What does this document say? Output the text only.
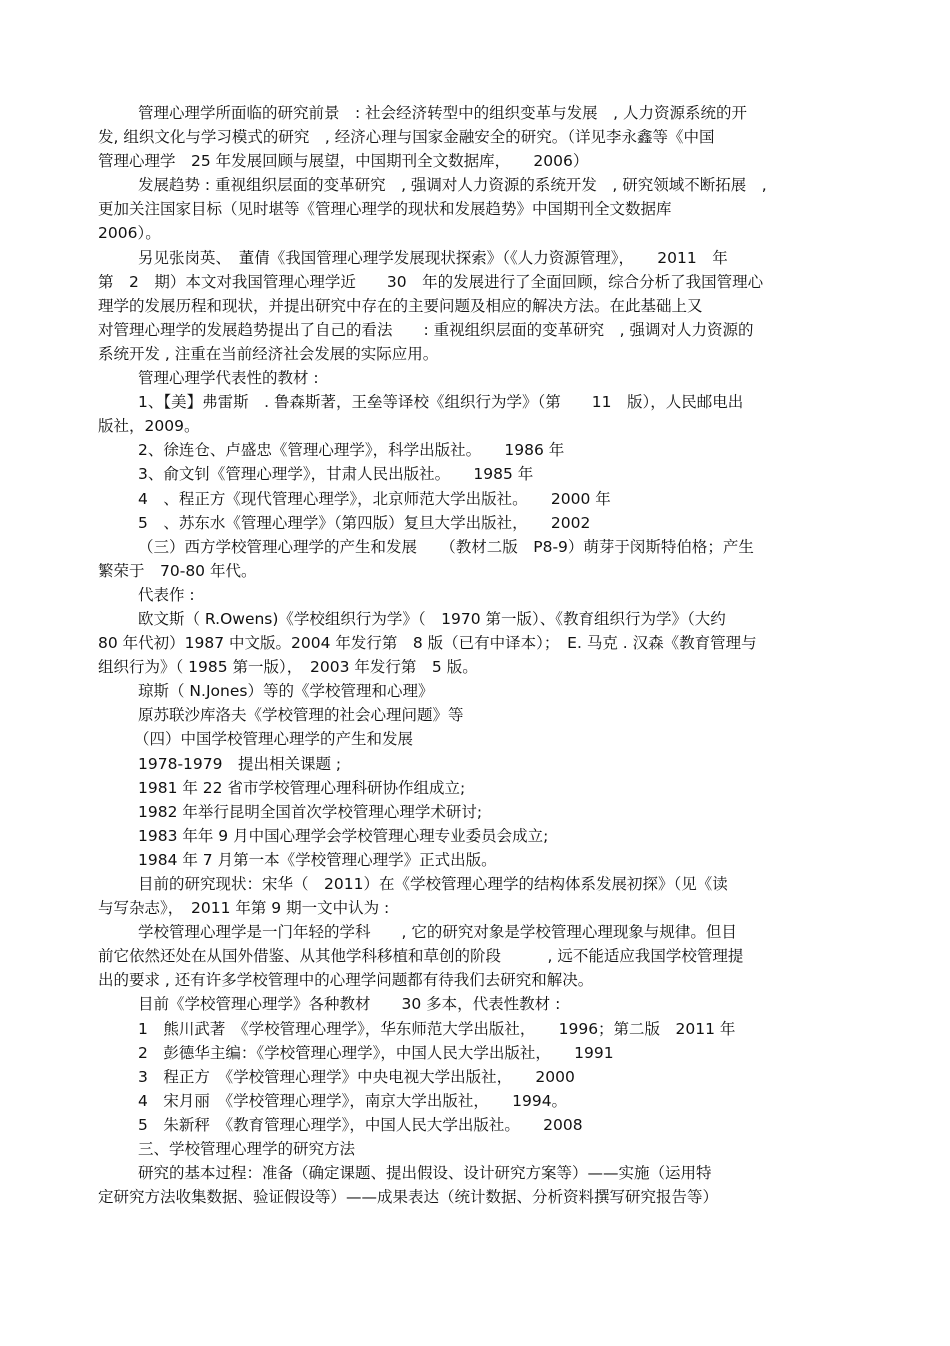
管理心理学所面临的研究前景　: 社会经济转型中的组织变革与发展　, 人力资源系统的开
发, 组织文化与学习模式的研究　, 经济心理与国家金融安全的研究。（详见李永鑫等《中国
管理心理学　25 年发展回顾与展望，中国期刊全文数据库，　　2006）
发展趋势 : 重视组织层面的变革研究　, 强调对人力资源的系统开发　, 研究领域不断拓展　,
更加关注国家目标（见时堪等《管理心理学的现状和发展趋势》中国期刊全文数据库
2006）。
另见张岗英、　董倩《我国管理心理学发展现状探索》（《人力资源管理》，　　2011　年
第　2　期）本文对我国管理心理学近　　30　年的发展进行了全面回顾，综合分析了我国管理心
理学的发展历程和现状，并提出研究中存在的主要问题及相应的解决方法。在此基础上又
对管理心理学的发展趋势提出了自己的看法　　: 重视组织层面的变革研究　, 强调对人力资源的
系统开发 , 注重在当前经济社会发展的实际应用。
管理心理学代表性的教材 :
1、【美】弗雷斯　. 鲁森斯著，王垒等译校《组织行为学》（第　　11　版），人民邮电出
版社，2009。
2、徐连仓、卢盛忠《管理心理学》，科学出版社。　　1986 年
3、俞文钊《管理心理学》，甘肃人民出版社。　　1985 年
4　、程正方《现代管理心理学》，北京师范大学出版社。　　2000 年
5　、苏东水《管理心理学》（第四版）复旦大学出版社，　　2002
（三）西方学校管理心理学的产生和发展　　（教材二版　P8-9）萌芽于闵斯特伯格；产生
繁荣于　70-80 年代。
代表作 :
欧文斯（ R.Owens)《学校组织行为学》（　1970 第一版）、《教育组织行为学》（大约
80 年代初）1987 中文版。2004 年发行第　8 版（已有中译本）；　E. 马克 . 汉森《教育管理与
组织行为》（ 1985 第一版），　2003 年发行第　5 版。
琼斯（ N.Jones）等的《学校管理和心理》
原苏联沙库洛夫《学校管理的社会心理问题》等
（四）中国学校管理心理学的产生和发展
1978-1979　提出相关课题 ;
1981 年 22 省市学校管理心理科研协作组成立;
1982 年举行昆明全国首次学校管理心理学术研讨;
1983 年年 9 月中国心理学会学校管理心理专业委员会成立;
1984 年 7 月第一本《学校管理心理学》正式出版。
目前的研究现状：宋华（　2011）在《学校管理心理学的结构体系发展初探》（见《读
与写杂志》，　2011 年第 9 期一文中认为 :
学校管理心理学是一门年轻的学科　　, 它的研究对象是学校管理心理现象与规律。但目
前它依然还处在从国外借鉴、从其他学科移植和草创的阶段　　　, 远不能适应我国学校管理提
出的要求 , 还有许多学校管理中的心理学问题都有待我们去研究和解决。
目前《学校管理心理学》各种教材　　30 多本，代表性教材 :
1　熊川武著　《学校管理心理学》，华东师范大学出版社，　　1996；第二版　2011 年
2　彭德华主编：《学校管理心理学》，中国人民大学出版社，　　1991
3　程正方　《学校管理心理学》中央电视大学出版社，　　2000
4　宋月丽　《学校管理心理学》，南京大学出版社，　　1994。
5　朱新秤　《教育管理心理学》，中国人民大学出版社。　　2008
三、学校管理心理学的研究方法
研究的基本过程：准备（确定课题、提出假设、设计研究方案等）——实施（运用特
定研究方法收集数据、验证假设等）——成果表达（统计数据、分析资料撰写研究报告等）
